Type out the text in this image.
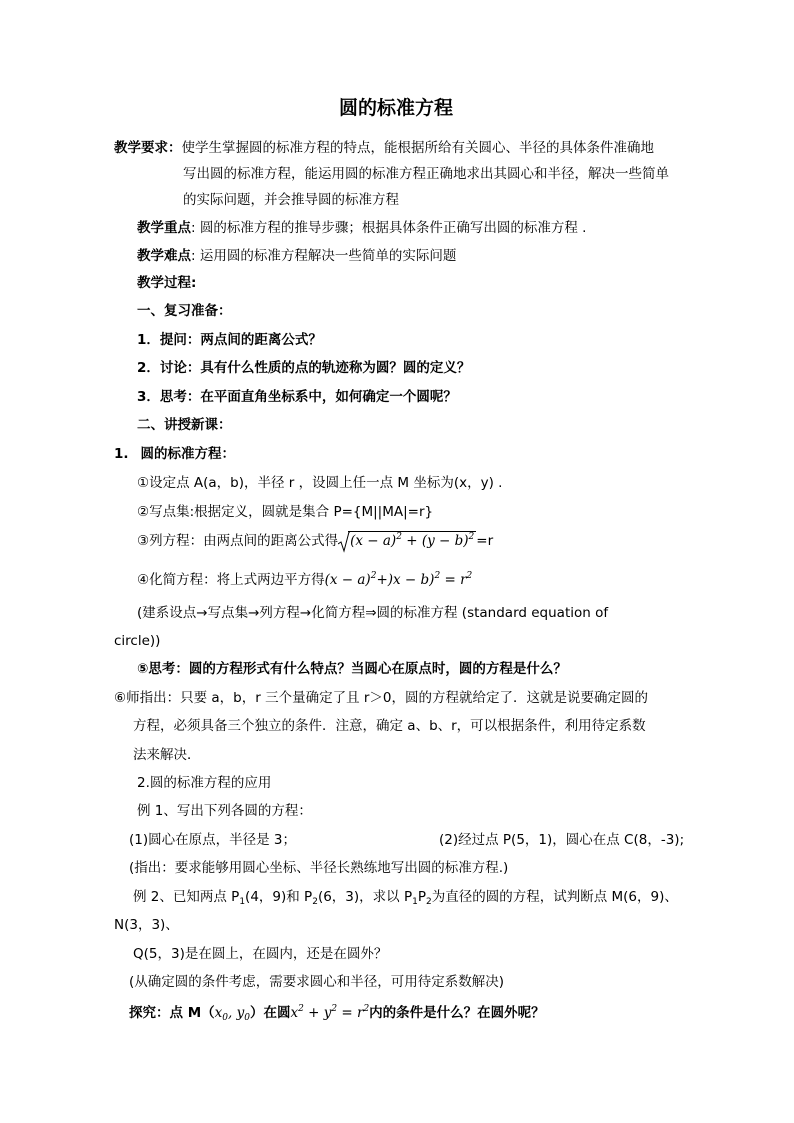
圆的标准方程
教学要求：使学生掌握圆的标准方程的特点，能根据所给有关圆心、半径的具体条件准确地
写出圆的标准方程，能运用圆的标准方程正确地求出其圆心和半径，解决一些简单
的实际问题，并会推导圆的标准方程
教学重点: 圆的标准方程的推导步骤；根据具体条件正确写出圆的标准方程 .
教学难点: 运用圆的标准方程解决一些简单的实际问题
教学过程:
一、复习准备：
1．提问：两点间的距离公式？
2．讨论：具有什么性质的点的轨迹称为圆？圆的定义？
3．思考：在平面直角坐标系中，如何确定一个圆呢？
二、讲授新课：
1. 圆的标准方程：
①设定点 A(a，b)，半径 r ，设圆上任一点 M 坐标为(x，y) .
②写点集:根据定义，圆就是集合 P={M||MA|=r}
③列方程：由两点间的距离公式得 $(x - a)^2 + (y - b)^2 =r$
④化简方程：将上式两边平方得$(x - a)^2+)x - b)^2 = r^2$
(建系设点→写点集→列方程→化简方程⇒圆的标准方程 (standard equation of
circle))
⑤思考：圆的方程形式有什么特点？当圆心在原点时，圆的方程是什么？
⑥师指出：只要 a，b，r 三个量确定了且 r＞0，圆的方程就给定了．这就是说要确定圆的
方程，必须具备三个独立的条件．注意，确定 a、b、r，可以根据条件，利用待定系数
法来解决．
2.圆的标准方程的应用
例 1、写出下列各圆的方程：
(1)圆心在原点，半径是 3；	(2)经过点 P(5，1)，圆心在点 C(8，-3);
(指出：要求能够用圆心坐标、半径长熟练地写出圆的标准方程.)
例 2、已知两点 $P_1(4$，9)和 $P_2(6$，3)，求以 $P_1P_2$为直径的圆的方程，试判断点 M(6，9)、
N(3，3)、
Q(5，3)是在圆上，在圆内，还是在圆外？
(从确定圆的条件考虑，需要求圆心和半径，可用待定系数解决)
探究：点 $M(x_0$, $y_0$）在圆$x^2 + y^2 = r^2$内的条件是什么？在圆外呢？
